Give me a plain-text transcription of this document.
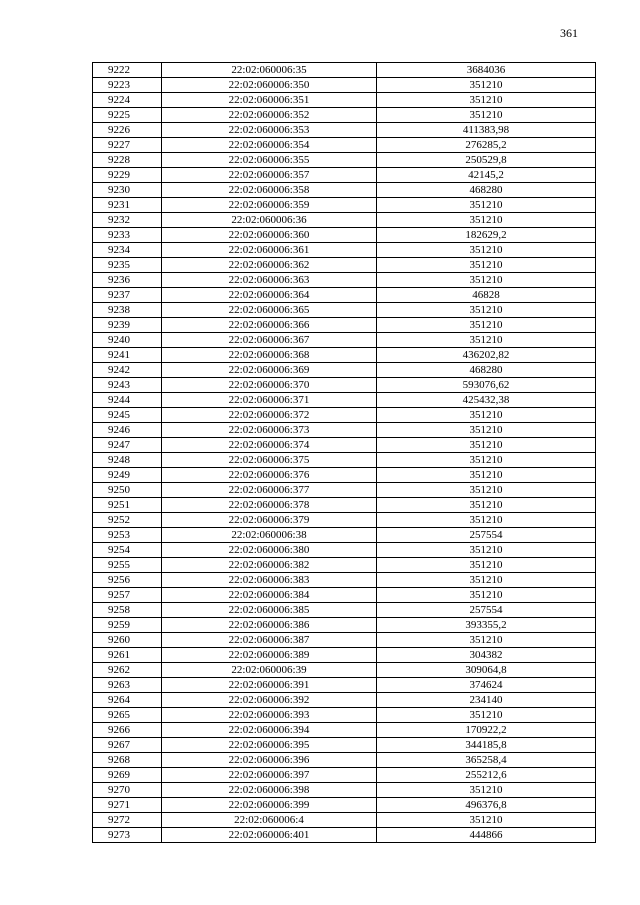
361
9222	22:02:060006:35	3684036
9223	22:02:060006:350	351210
9224	22:02:060006:351	351210
9225	22:02:060006:352	351210
9226	22:02:060006:353	411383,98
9227	22:02:060006:354	276285,2
9228	22:02:060006:355	250529,8
9229	22:02:060006:357	42145,2
9230	22:02:060006:358	468280
9231	22:02:060006:359	351210
9232	22:02:060006:36	351210
9233	22:02:060006:360	182629,2
9234	22:02:060006:361	351210
9235	22:02:060006:362	351210
9236	22:02:060006:363	351210
9237	22:02:060006:364	46828
9238	22:02:060006:365	351210
9239	22:02:060006:366	351210
9240	22:02:060006:367	351210
9241	22:02:060006:368	436202,82
9242	22:02:060006:369	468280
9243	22:02:060006:370	593076,62
9244	22:02:060006:371	425432,38
9245	22:02:060006:372	351210
9246	22:02:060006:373	351210
9247	22:02:060006:374	351210
9248	22:02:060006:375	351210
9249	22:02:060006:376	351210
9250	22:02:060006:377	351210
9251	22:02:060006:378	351210
9252	22:02:060006:379	351210
9253	22:02:060006:38	257554
9254	22:02:060006:380	351210
9255	22:02:060006:382	351210
9256	22:02:060006:383	351210
9257	22:02:060006:384	351210
9258	22:02:060006:385	257554
9259	22:02:060006:386	393355,2
9260	22:02:060006:387	351210
9261	22:02:060006:389	304382
9262	22:02:060006:39	309064,8
9263	22:02:060006:391	374624
9264	22:02:060006:392	234140
9265	22:02:060006:393	351210
9266	22:02:060006:394	170922,2
9267	22:02:060006:395	344185,8
9268	22:02:060006:396	365258,4
9269	22:02:060006:397	255212,6
9270	22:02:060006:398	351210
9271	22:02:060006:399	496376,8
9272	22:02:060006:4	351210
9273	22:02:060006:401	444866
